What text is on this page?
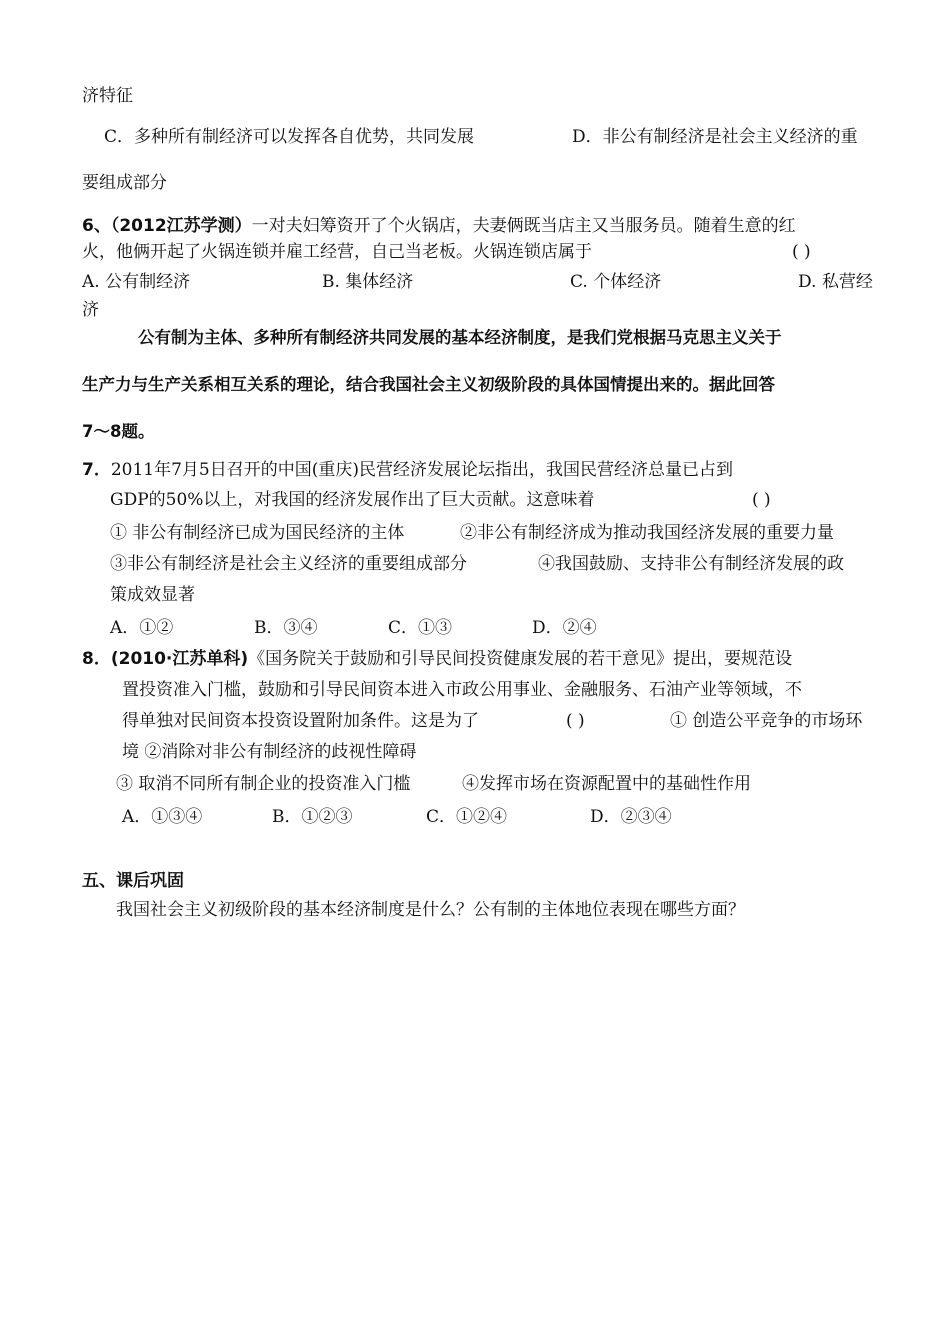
济特征
C．多种所有制经济可以发挥各自优势，共同发展	D．非公有制经济是社会主义经济的重
要组成部分
6、（2012江苏学测）一对夫妇筹资开了个火锅店，夫妻俩既当店主又当服务员。随着生意的红
火，他俩开起了火锅连锁并雇工经营，自己当老板。火锅连锁店属于	( )
A. 公有制经济	B. 集体经济	C. 个体经济	D. 私营经
济
公有制为主体、多种所有制经济共同发展的基本经济制度，是我们党根据马克思主义关于
生产力与生产关系相互关系的理论，结合我国社会主义初级阶段的具体国情提出来的。据此回答
7～8题。
7．2011年7月5日召开的中国(重庆)民营经济发展论坛指出，我国民营经济总量已占到
GDP的50%以上，对我国的经济发展作出了巨大贡献。这意味着	( )
① 非公有制经济已成为国民经济的主体	②非公有制经济成为推动我国经济发展的重要力量
③非公有制经济是社会主义经济的重要组成部分	④我国鼓励、支持非公有制经济发展的政
策成效显著
A．①②	B．③④	C．①③	D．②④
8．(2010·江苏单科)《国务院关于鼓励和引导民间投资健康发展的若干意见》提出，要规范设
置投资准入门槛，鼓励和引导民间资本进入市政公用事业、金融服务、石油产业等领域，不
得单独对民间资本投资设置附加条件。这是为了	( )	① 创造公平竞争的市场环
境 ②消除对非公有制经济的歧视性障碍
③ 取消不同所有制企业的投资准入门槛	④发挥市场在资源配置中的基础性作用
A．①③④	B．①②③	C．①②④	D．②③④
五、课后巩固
我国社会主义初级阶段的基本经济制度是什么？公有制的主体地位表现在哪些方面？
